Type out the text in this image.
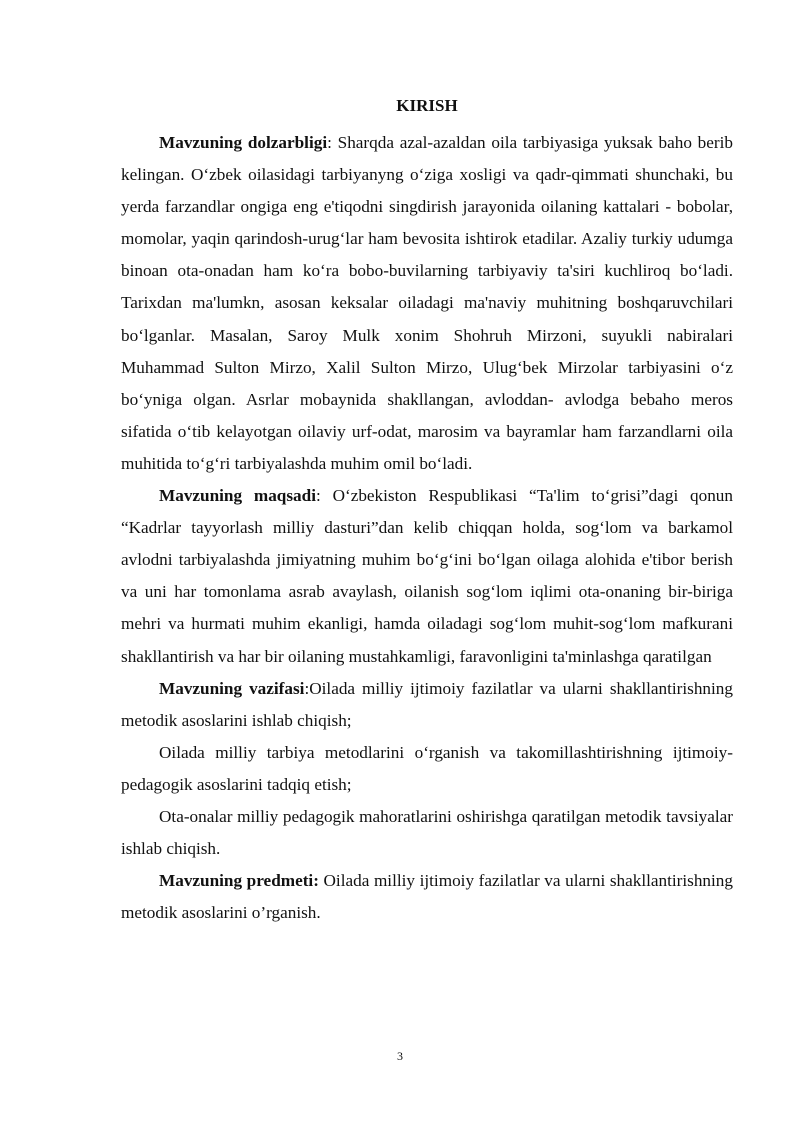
KIRISH

Mavzuning dolzarbligi: Sharqda azal-azaldan oila tarbiyasiga yuksak baho berib kelingan. O‘zbek oilasidagi tarbiyanyng o‘ziga xosligi va qadr-qimmati shunchaki, bu yerda farzandlar ongiga eng e'tiqodni singdirish jarayonida oilaning kattalari - bobolar, momolar, yaqin qarindosh-urug‘lar ham bevosita ishtirok etadilar. Azaliy turkiy udumga binoan ota-onadan ham ko‘ra bobo-buvilarning tarbiyaviy ta'siri kuchliroq bo‘ladi. Tarixdan ma'lumkn, asosan keksalar oiladagi ma'naviy muhitning boshqaruvchilari bo‘lganlar. Masalan, Saroy Mulk xonim Shohruh Mirzoni, suyukli nabiralari Muhammad Sulton Mirzo, Xalil Sulton Mirzo, Ulug‘bek Mirzolar tarbiyasini o‘z bo‘yniga olgan. Asrlar mobaynida shakllangan, avloddan- avlodga bebaho meros sifatida o‘tib kelayotgan oilaviy urf-odat, marosim va bayramlar ham farzandlarni oila muhitida to‘g‘ri tarbiyalashda muhim omil bo‘ladi.

Mavzuning maqsadi: O‘zbekiston Respublikasi “Ta'lim to‘grisi”dagi qonun “Kadrlar tayyorlash milliy dasturi”dan kelib chiqqan holda, sog‘lom va barkamol avlodni tarbiyalashda jimiyatning muhim bo‘g‘ini bo‘lgan oilaga alohida e'tibor berish va uni har tomonlama asrab avaylash, oilanish sog‘lom iqlimi ota-onaning bir-biriga mehri va hurmati muhim ekanligi, hamda oiladagi sog‘lom muhit-sog‘lom mafkurani shakllantirish va har bir oilaning mustahkamligi, faravonligini ta'minlashga qaratilgan

Mavzuning vazifasi:Oilada milliy ijtimoiy fazilatlar va ularni shakllantirishning metodik asoslarini ishlab chiqish;

Oilada milliy tarbiya metodlarini o‘rganish va takomillashtirishning ijtimoiy-pedagogik asoslarini tadqiq etish;

Ota-onalar milliy pedagogik mahoratlarini oshirishga qaratilgan metodik tavsiyalar ishlab chiqish.

Mavzuning predmeti: Oilada milliy ijtimoiy fazilatlar va ularni shakllantirishning metodik asoslarini o’rganish.

3
